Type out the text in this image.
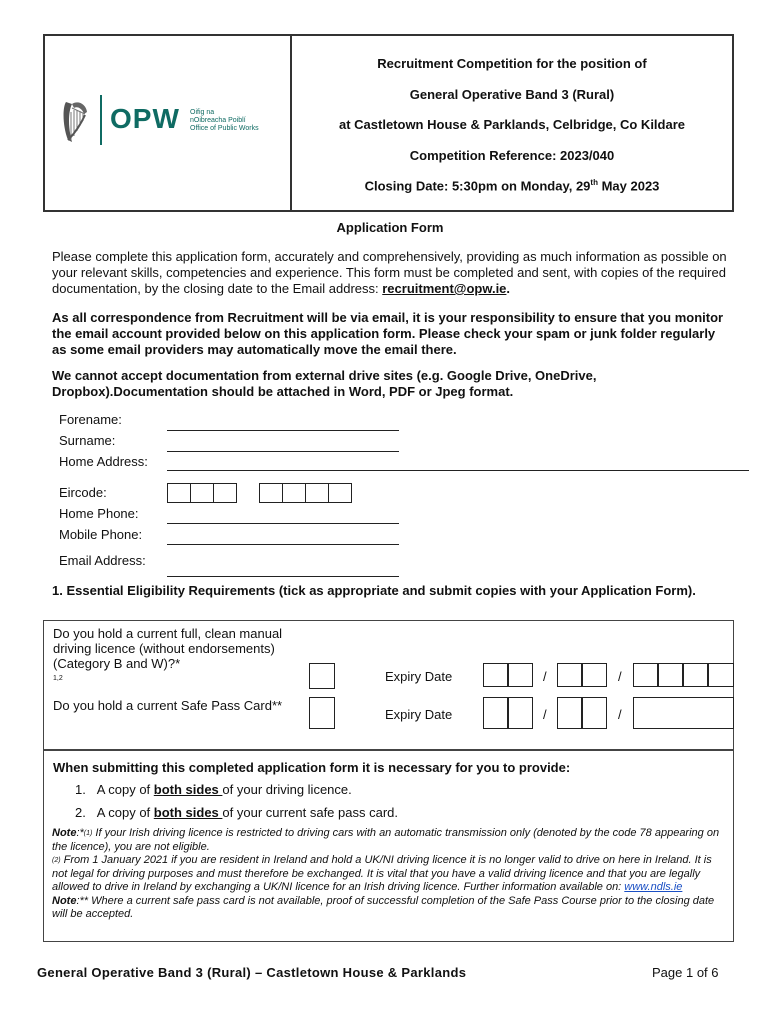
OPW Oifig na
nOibreacha Poiblí
Office of Public Works
Recruitment Competition for the position of
General Operative Band 3 (Rural)
at Castletown House & Parklands, Celbridge, Co Kildare
Competition Reference: 2023/040
Closing Date: 5:30pm on Monday, 29th May 2023
Application Form
Please complete this application form, accurately and comprehensively, providing as much information as possible on your relevant skills, competencies and experience. This form must be completed and sent, with copies of the required documentation, by the closing date to the Email address: recruitment@opw.ie.
As all correspondence from Recruitment will be via email, it is your responsibility to ensure that you monitor the email account provided below on this application form. Please check your spam or junk folder regularly as some email providers may automatically move the email there.
We cannot accept documentation from external drive sites (e.g. Google Drive, OneDrive, Dropbox).Documentation should be attached in Word, PDF or Jpeg format.
Forename:
Surname:
Home Address:
Eircode:
Home Phone:
Mobile Phone:
Email Address:
1. Essential Eligibility Requirements (tick as appropriate and submit copies with your Application Form).
Do you hold a current full, clean manual driving licence (without endorsements) (Category B and W)?*
$^{1,2}$	Expiry Date	/	/
Do you hold a current Safe Pass Card**
Expiry Date	/	/
When submitting this completed application form it is necessary for you to provide:
1. A copy of both sides of your driving licence.
2. A copy of both sides of your current safe pass card.
Note:*$^{(1)}$ If your Irish driving licence is restricted to driving cars with an automatic transmission only (denoted by the code 78 appearing on the licence), you are not eligible.
$^{(2)}$ From 1 January 2021 if you are resident in Ireland and hold a UK/NI driving licence it is no longer valid to drive on here in Ireland. It is not legal for driving purposes and must therefore be exchanged. It is vital that you have a valid driving licence and that you are legally allowed to drive in Ireland by exchanging a UK/NI licence for an Irish driving licence. Further information available on: www.ndls.ie
Note:** Where a current safe pass card is not available, proof of successful completion of the Safe Pass Course prior to the closing date will be accepted.
General Operative Band 3 (Rural) – Castletown House & Parklands	Page 1 of 6
